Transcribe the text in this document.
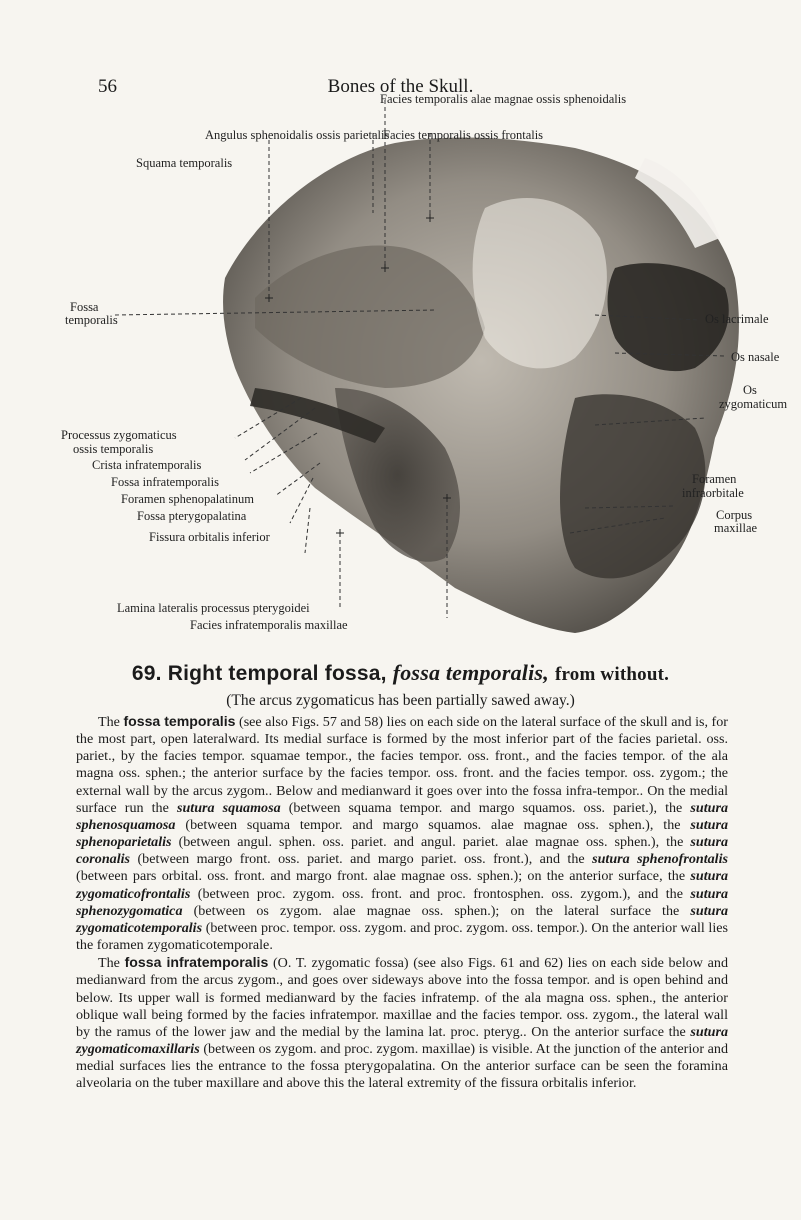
56	Bones of the Skull.
Facies temporalis alae magnae ossis sphenoidalis
Angulus sphenoidalis ossis parietalis
Facies temporalis ossis frontalis
Squama temporalis
Fossa
temporalis	Os lacrimale
Os nasale
Os
zygomaticum
Processus zygomaticus
ossis temporalis
Crista infratemporalis
Fossa infratemporalis
Foramen sphenopalatinum
Fossa pterygopalatina
Fissura orbitalis inferior
Foramen
infraorbitale
Corpus
maxillae
Lamina lateralis processus pterygoidei
Facies infratemporalis maxillae
69. Right temporal fossa, fossa temporalis, from without.
(The arcus zygomaticus has been partially sawed away.)

The fossa temporalis (see also Figs. 57 and 58) lies on each side on the lateral surface of the skull and is, for the most part, open lateralward. Its medial surface is formed by the most inferior part of the facies parietal. oss. pariet., by the facies tempor. squamae tempor., the facies tempor. oss. front., and the facies tempor. of the ala magna oss. sphen.; the anterior surface by the facies tempor. oss. front. and the facies tempor. oss. zygom.; the external wall by the arcus zygom.. Below and medianward it goes over into the fossa infra-tempor.. On the medial surface run the sutura squamosa (between squama tempor. and margo squamos. oss. pariet.), the sutura sphenosquamosa (between squama tempor. and margo squamos. alae magnae oss. sphen.), the sutura sphenoparietalis (between angul. sphen. oss. pariet. and angul. pariet. alae magnae oss. sphen.), the sutura coronalis (between margo front. oss. pariet. and margo pariet. oss. front.), and the sutura sphenofrontalis (between pars orbital. oss. front. and margo front. alae magnae oss. sphen.); on the anterior surface, the sutura zygomaticofrontalis (between proc. zygom. oss. front. and proc. frontosphen. oss. zygom.), and the sutura sphenozygomatica (between os zygom. alae magnae oss. sphen.); on the lateral surface the sutura zygomaticotemporalis (between proc. tempor. oss. zygom. and proc. zygom. oss. tempor.). On the anterior wall lies the foramen zygomaticotemporale.

The fossa infratemporalis (O. T. zygomatic fossa) (see also Figs. 61 and 62) lies on each side below and medianward from the arcus zygom., and goes over sideways above into the fossa tempor. and is open behind and below. Its upper wall is formed medianward by the facies infratemp. of the ala magna oss. sphen., the anterior oblique wall being formed by the facies infratempor. maxillae and the facies tempor. oss. zygom., the lateral wall by the ramus of the lower jaw and the medial by the lamina lat. proc. pteryg.. On the anterior surface the sutura zygomaticomaxillaris (between os zygom. and proc. zygom. maxillae) is visible. At the junction of the anterior and medial surfaces lies the entrance to the fossa pterygopalatina. On the anterior surface can be seen the foramina alveolaria on the tuber maxillare and above this the lateral extremity of the fissura orbitalis inferior.
